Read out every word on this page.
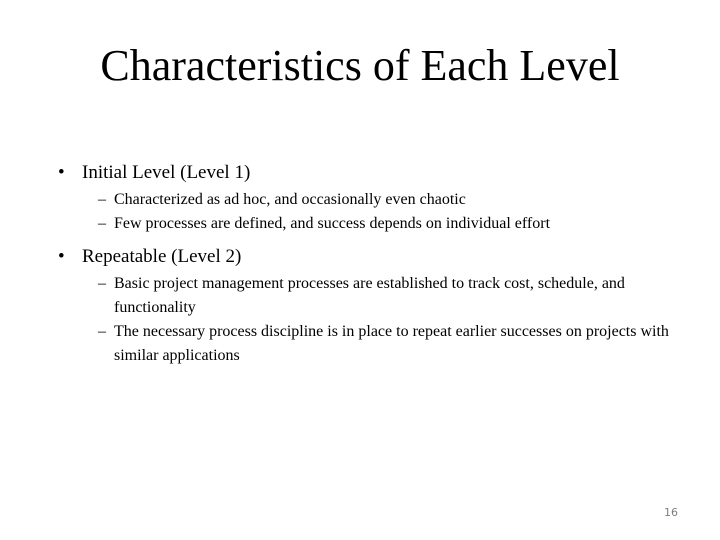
Characteristics of Each Level
• Initial Level (Level 1)
– Characterized as ad hoc, and occasionally even chaotic
– Few processes are defined, and success depends on individual effort
• Repeatable (Level 2)
– Basic project management processes are established to track cost, schedule, and functionality
– The necessary process discipline is in place to repeat earlier successes on projects with similar applications
16
